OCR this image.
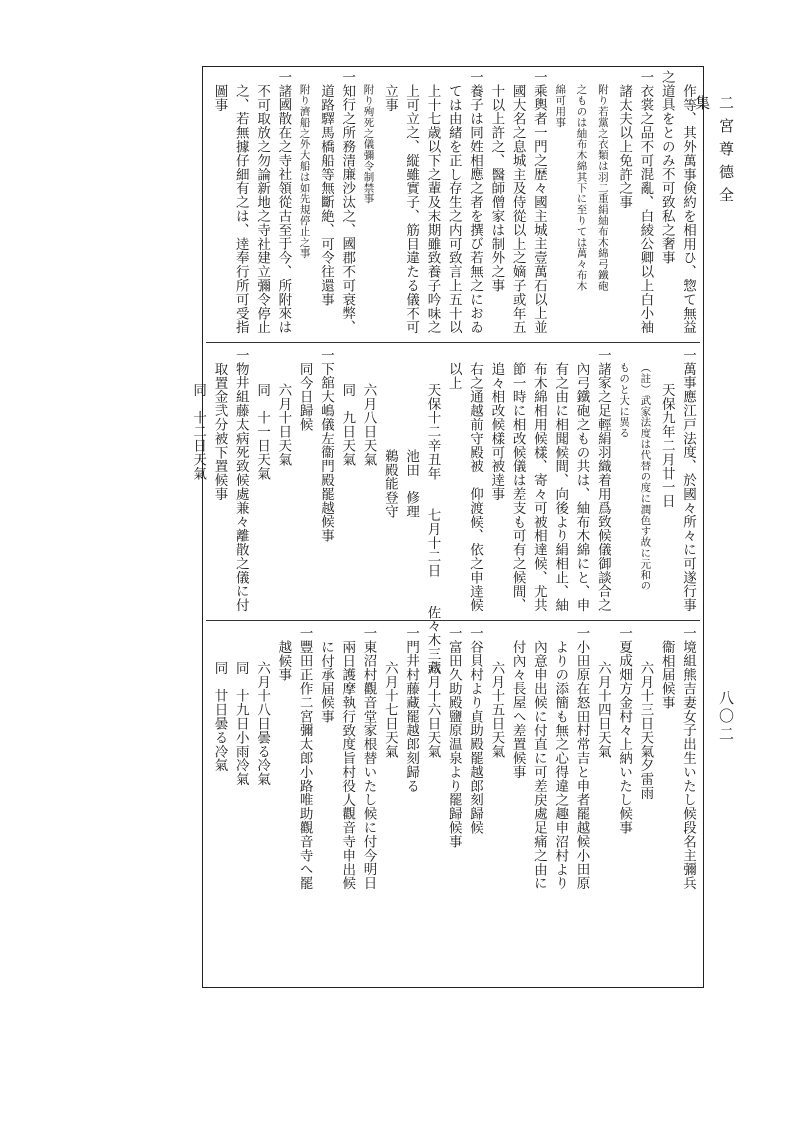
二宮尊德全集
八〇二
作等、其外萬事倹約を相用ひ、惣て無益
之道具をとのみ不可致私之奢事
一衣裳之品不可混亂、白綾公卿以上白小袖
諸太夫以上免許之事
附り若黨之衣類は羽二重絹紬布木綿弓鐵砲
之ものは紬布木綿其下に至りては萬々布木
綿可用事
一乘輿者一門之歴々國主城主壹萬石以上並
國大名之息城主及侍從以上之嫡子或年五
十以上許之、醫師僧家は制外之事
一養子は同姓相應之者を撰び若無之におゐ
ては由緒を正し存生之内可致言上五十以
上十七歳以下之輩及末期雖致養子吟味之
上可立之、縦雖實子、筋目違たる儀不可
立事
附り殉死之儀彌令制禁事
一知行之所務清廉沙汰之、國郡不可衰弊、
道路驛馬橋船等無斷絶、可令往還事
附り濟船之外大船は如先規停止之事
一諸國散在之寺社領從古至于今、所附來は
不可取放之勿論新地之寺社建立彌令停止
之、若無據仔細有之は、逹奉行所可受指
圖事
一萬事應江戸法度、於國々所々に可遂行事
天保九年二月廿一日
（註）武家法度は代替の度に潤色す故に元和の
ものと大に異る
一諸家之足輕絹羽織着用爲致候儀御談合之
內弓鐵砲之もの共は、紬布木綿にと、申
有之由に相聞候間、向後より絹相止、紬
布木綿相用候樣、寄々可被相達候、尤共
節一時に相改候儀は差支も可有之候間、
追々相改候樣可被逹事
右之通越前守殿被　仰渡候、依之申逹候
以上
天保十二辛丑年　　七月十二日　　佐々木三藏
池田　修理
鵜殿能登守
六月八日天氣
同　九日天氣
一下舘大嶋儀左衞門殿罷越候事
同今日歸候
六月十日天氣
同　十一日天氣
一物井組藤太病死致候處兼々離散之儀に付
取置金弐分被下置候事
同　十二日天氣
一境組熊吉妻女子出生いたし候段名主彌兵
衞相届候事
六月十三日天氣夕雷雨
一夏成畑方金村々上納いたし候事
六月十四日天氣
一小田原在怒田村常吉と申者罷越候小田原
よりの添簡も無之心得違之趣申沼村より
內意申出候に付直に可差戻處足痛之由に
付內々長屋へ差置候事
六月十五日天氣
一谷貝村より貞助殿罷越郎刻歸候
一富田久助殿鹽原温泉より罷歸候事
六月十六日天氣
一門井村藤藏罷越郎刻歸る
六月十七日天氣
一東沼村觀音堂家根替いたし候に付今明日
兩日護摩執行致度旨村役人觀音寺申出候
に付承届候事
一豐田正作二宮彌太郎小路唯助觀音寺へ罷
越候事
六月十八日曇る冷氣
同　十九日小雨冷氣
同　廿日曇る冷氣
